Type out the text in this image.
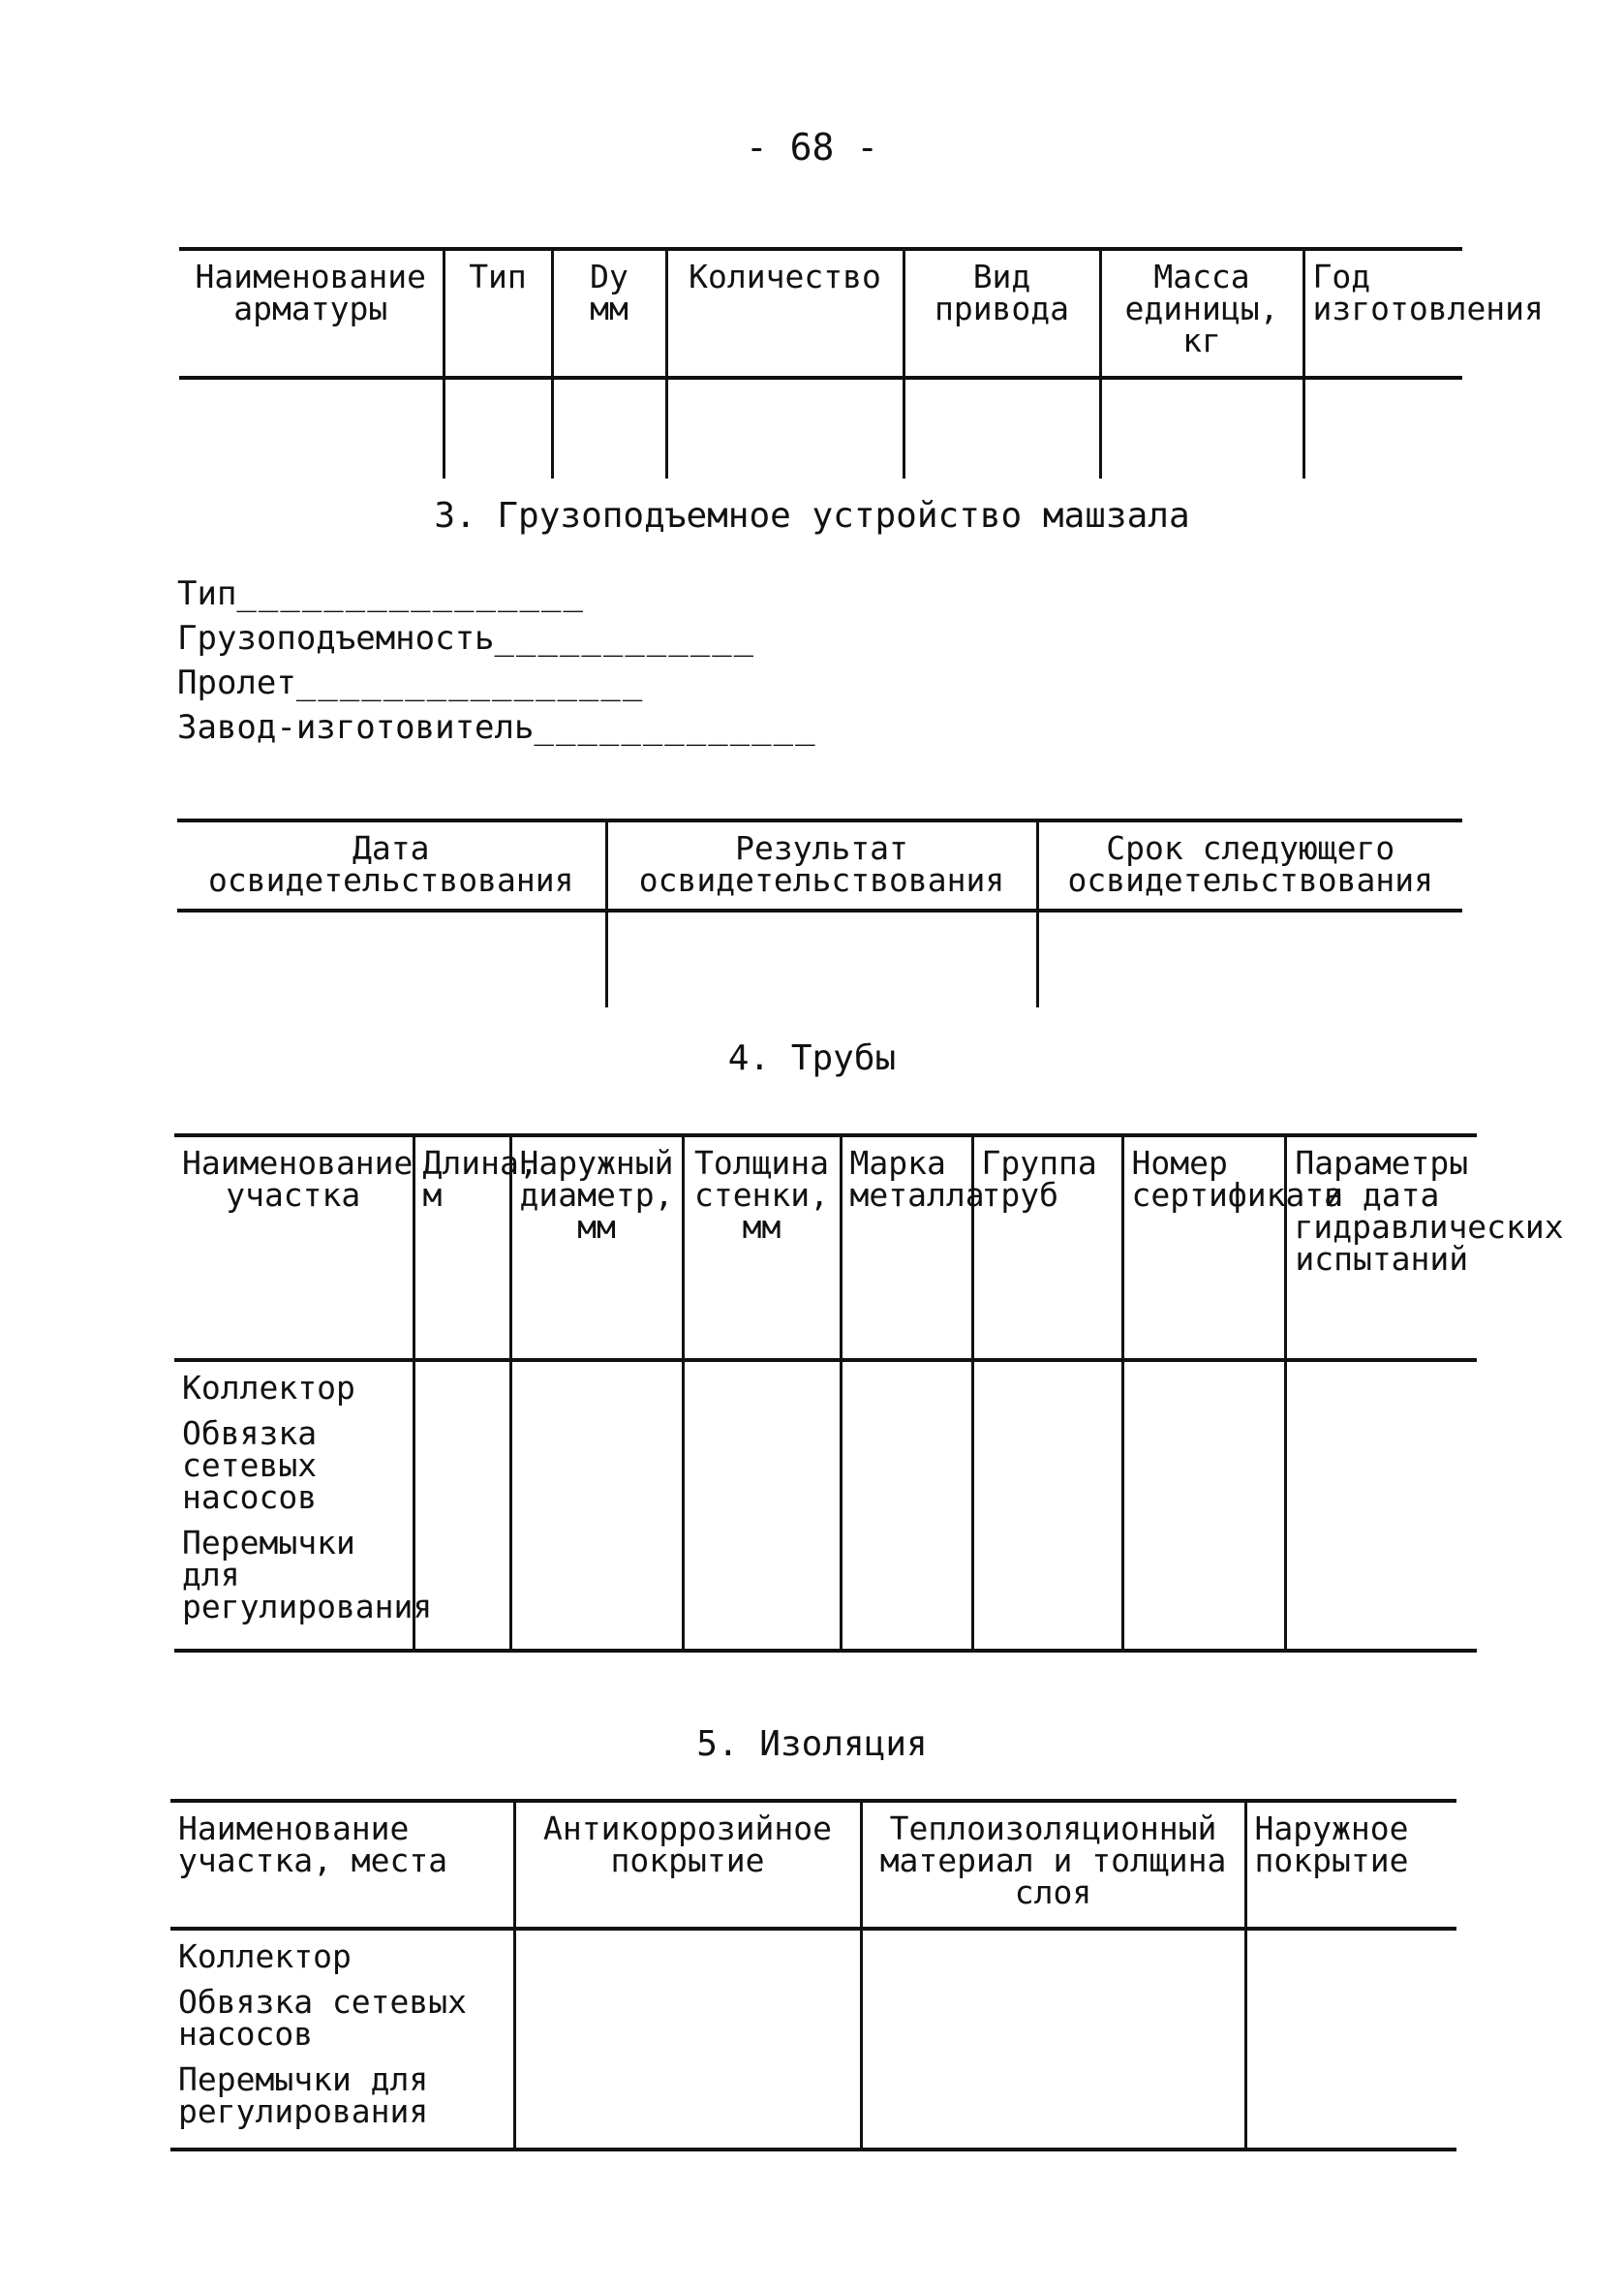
- 68 -
Наименование арматуры	Тип	Dу мм	Количество	Вид привода	Масса единицы, кг	Год изготовления

3. Грузоподъемное устройство машзала
Тип________________
Грузоподъемность____________
Пролет________________
Завод-изготовитель_____________
Дата освидетельствования	Результат освидетельствования	Срок следующего освидетельствования

4. Трубы
Наименование участка	Длина, м	Наружный диаметр, мм	Толщина стенки, мм	Марка металла	Группа труб	Номер сертификата	Параметры и дата гидравлических испытаний

Коллектор
Обвязка сетевых насосов
Перемычки для регулирования							

5. Изоляция
Наименование участка, места	Антикоррозийное покрытие	Теплоизоляционный материал и толщина слоя	Наружное покрытие

Коллектор
Обвязка сетевых насосов
Перемычки для регулирования			
